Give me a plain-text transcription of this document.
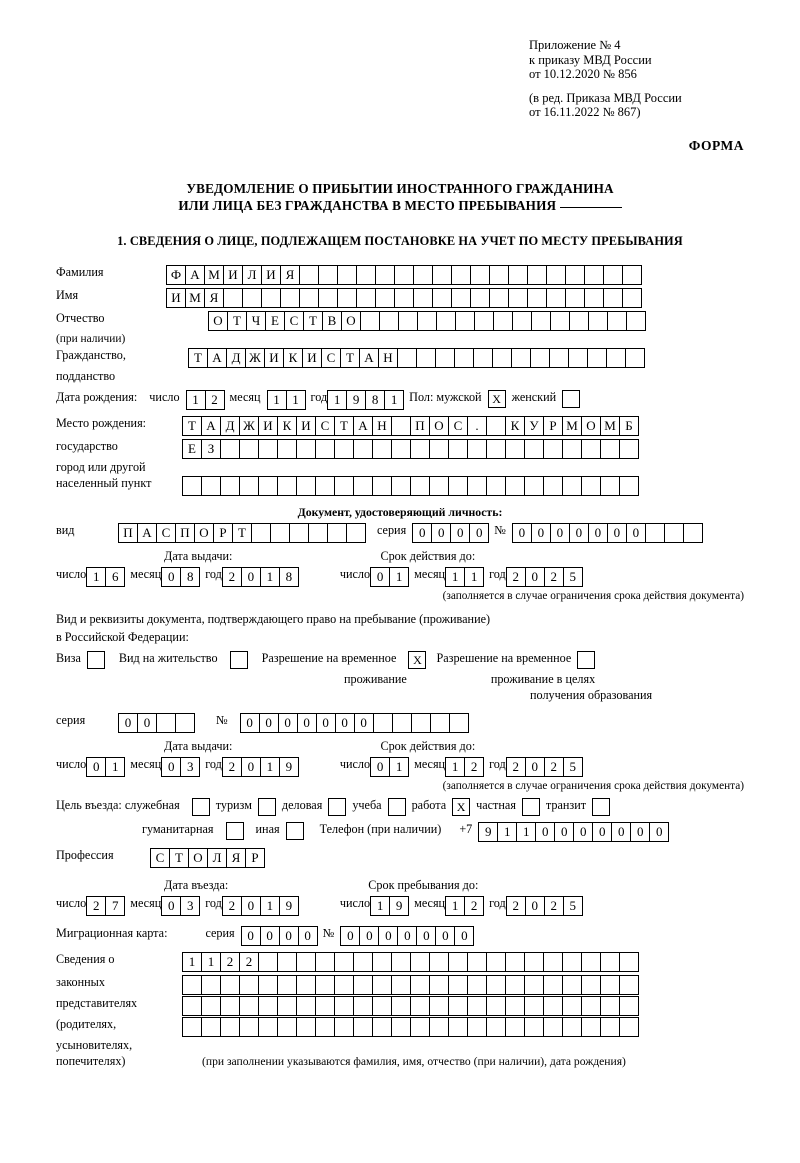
Приложение № 4
к приказу МВД России
от 10.12.2020 № 856
(в ред. Приказа МВД России
от 16.11.2022 № 867)
ФОРМА
УВЕДОМЛЕНИЕ О ПРИБЫТИИ ИНОСТРАННОГО ГРАЖДАНИНА
ИЛИ ЛИЦА БЕЗ ГРАЖДАНСТВА В МЕСТО ПРЕБЫВАНИЯ
1. СВЕДЕНИЯ О ЛИЦЕ, ПОДЛЕЖАЩЕМ ПОСТАНОВКЕ НА УЧЕТ ПО МЕСТУ ПРЕБЫВАНИЯ
Фамилия	Ф А М И Л И Я
Имя	И М Я
Отчество	О Т Ч Е С Т В О
(при наличии)
Гражданство,	Т А Д Ж И К И С Т А Н
подданство
Дата рождения: число 1 2 месяц 1 1 год 1 9 8 1 Пол: мужской Х женский
Место рождения:	Т А Д Ж И К И С Т А Н	П О С	.	К У Р М О М Б
государство	Е З
город или другой
населенный пункт
Документ, удостоверяющий личность:
вид	П А С П О Р Т	серия 0 0 0 0 № 0 0 0 0 0 0 0
Дата выдачи:	Срок действия до:
число 1 6 месяц 0 8 год 2 0 1 8	число 0 1 месяц 1 1 год 2 0 2 5
(заполняется в случае ограничения срока действия документа)
Вид и реквизиты документа, подтверждающего право на пребывание (проживание)
в Российской Федерации:
Виза	Вид на жительство	Разрешение на временное	Х	Разрешение на временное
проживание	проживание в целях
получения образования
серия	0 0	№	0 0 0 0 0 0 0
Дата выдачи:	Срок действия до:
число 0 1 месяц 0 3 год 2 0 1 9	число 0 1 месяц 1 2 год 2 0 2 5
(заполняется в случае ограничения срока действия документа)
Цель въезда: служебная	туризм деловая учеба работа Х частная транзит
гуманитарная	иная	Телефон (при наличии) +7 9 1 1 0 0 0 0 0 0 0
Профессия	С Т О Л Я Р
Дата въезда:	Срок пребывания до:
число 2 7 месяц 0 3 год 2 0 1 9	число 1 9 месяц 1 2 год 2 0 2 5
Миграционная карта:	серия 0 0 0 0 № 0 0 0 0 0 0 0
Сведения о	1 1 2 2
законных
представителях
(родителях,
усыновителях,
попечителях)	(при заполнении указываются фамилия, имя, отчество (при наличии), дата рождения)
